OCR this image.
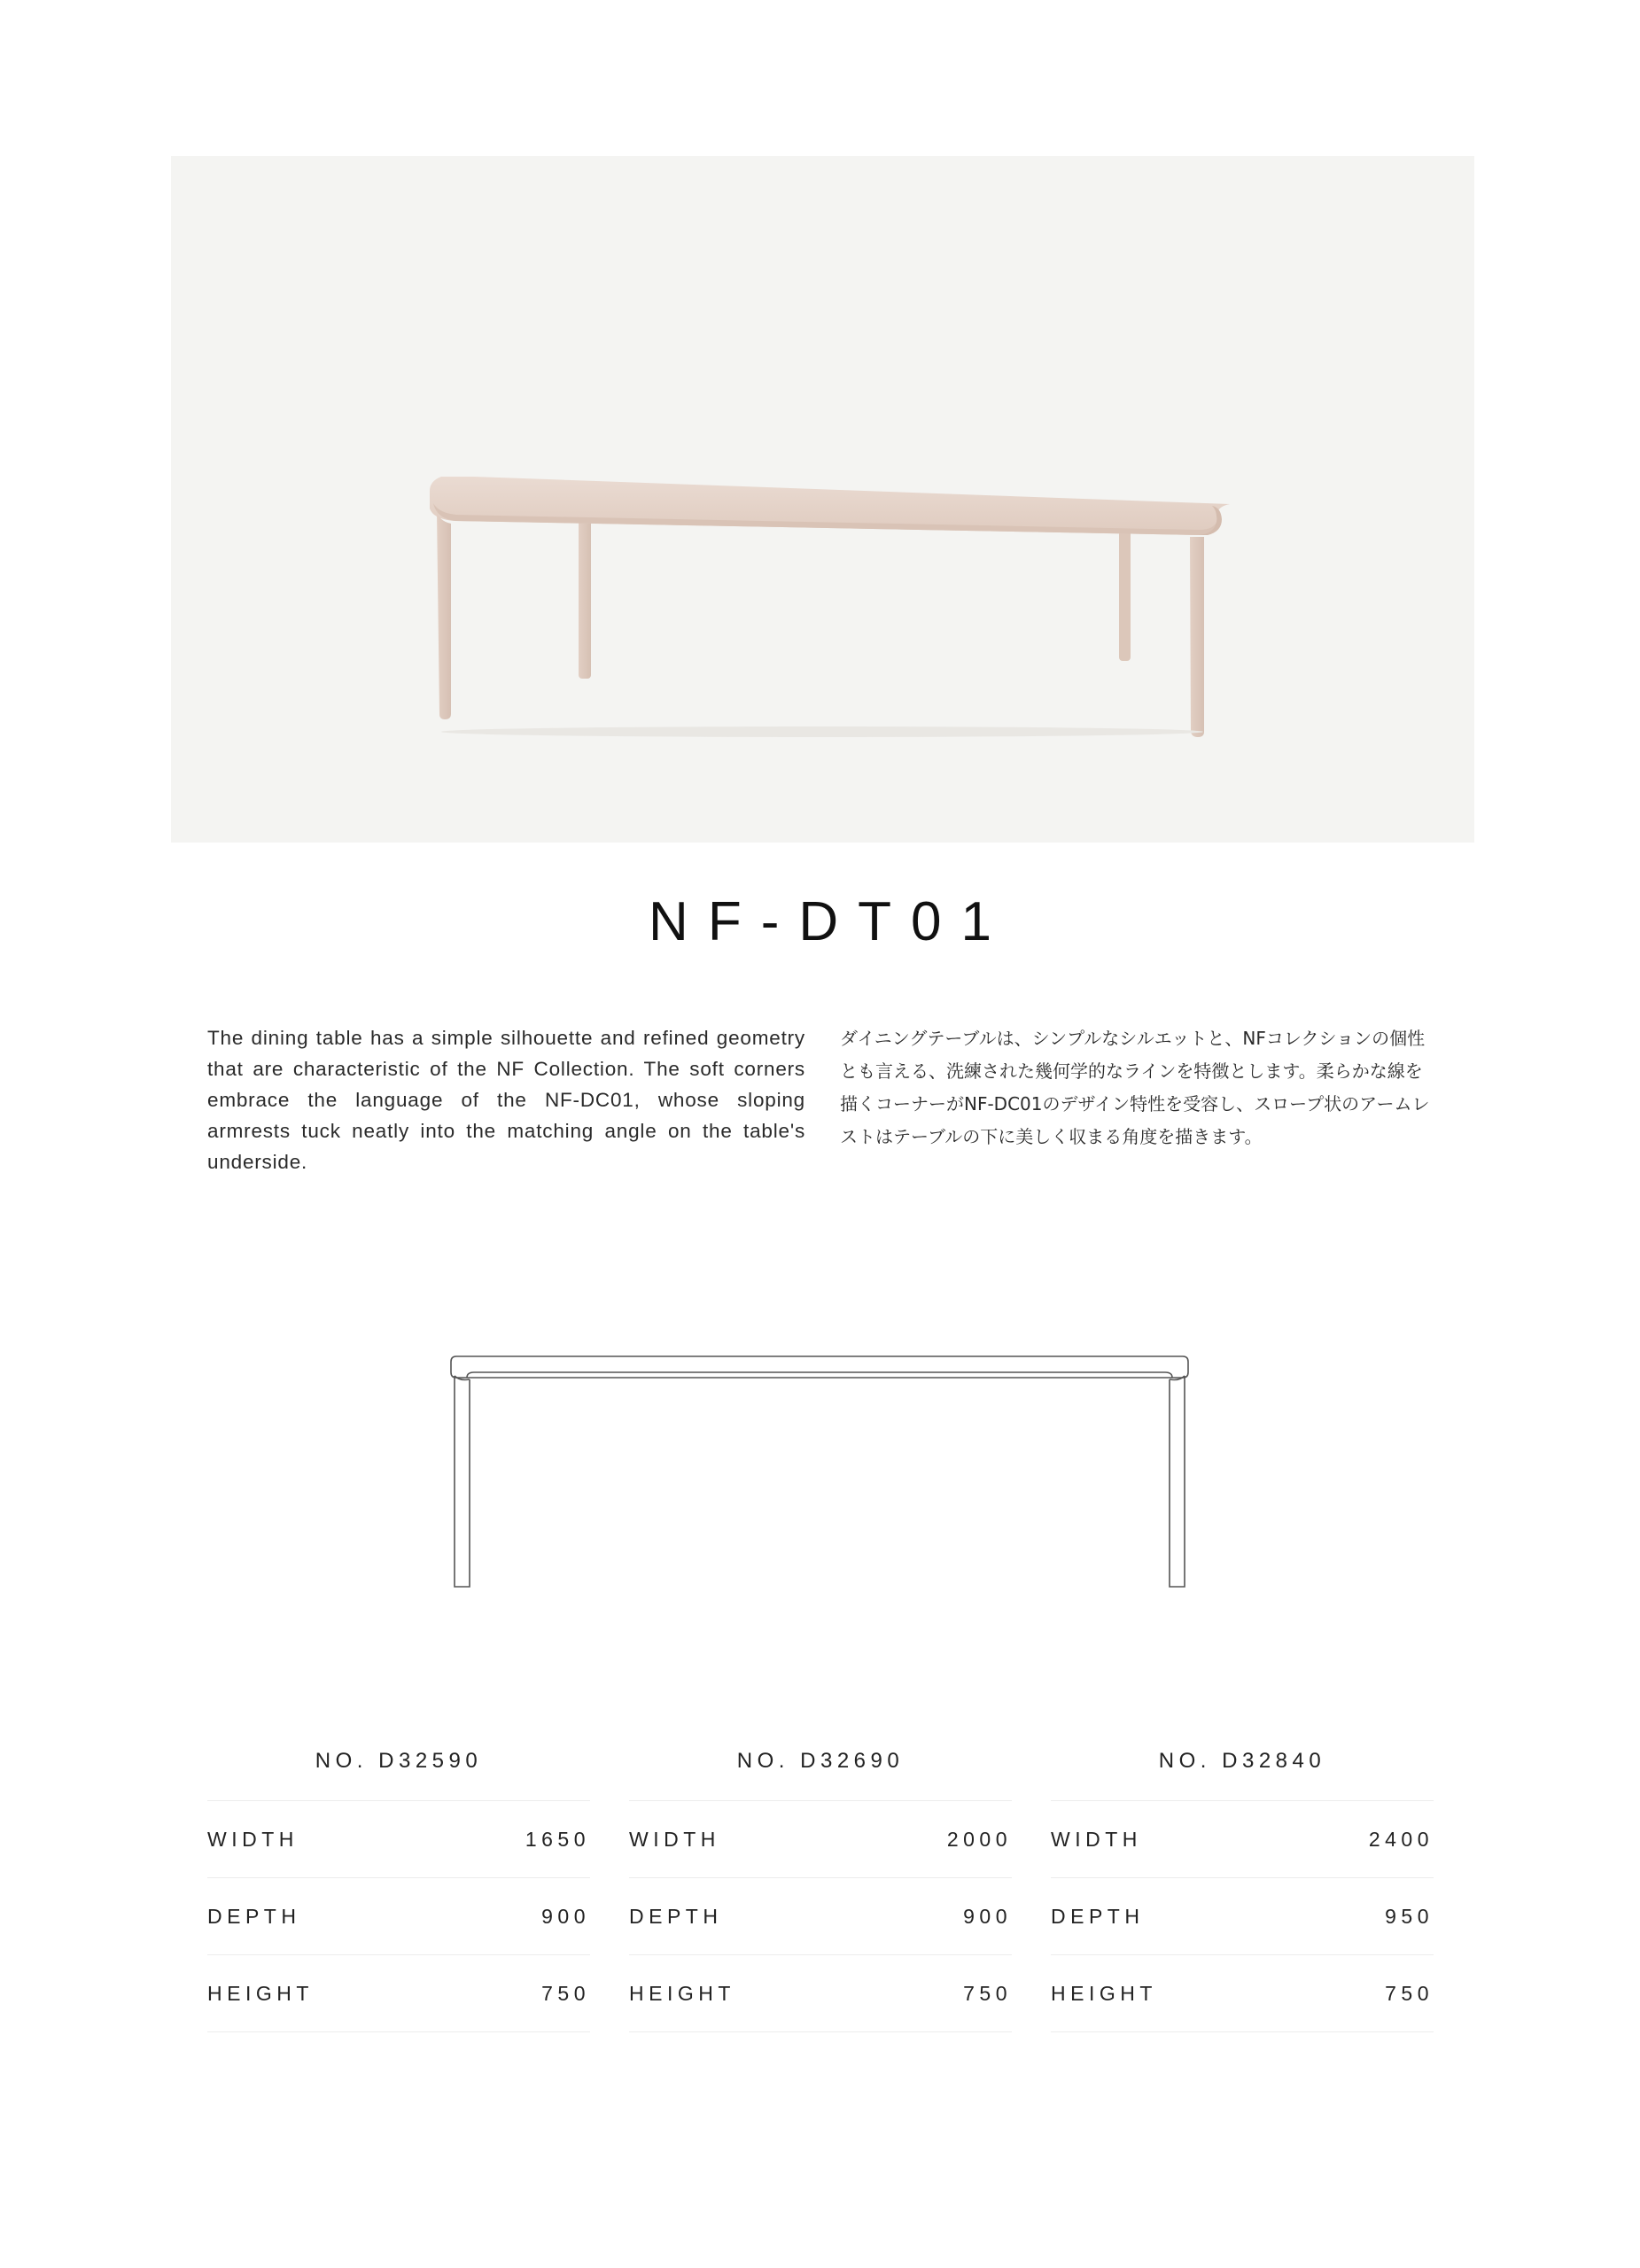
NF-DT01
The dining table has a simple silhouette and refined geometry that are characteristic of the NF Collection. The soft corners embrace the language of the NF-DC01, whose sloping armrests tuck neatly into the matching angle on the table's underside.
ダイニングテーブルは、シンプルなシルエットと、NFコレクションの個性とも言える、洗練された幾何学的なラインを特徴とします。柔らかな線を描くコーナーがNF-DC01のデザイン特性を受容し、スロープ状のアームレストはテーブルの下に美しく収まる角度を描きます。
NO. D32590
WIDTH	1650
DEPTH	900
HEIGHT	750
NO. D32690
WIDTH	2000
DEPTH	900
HEIGHT	750
NO. D32840
WIDTH	2400
DEPTH	950
HEIGHT	750
